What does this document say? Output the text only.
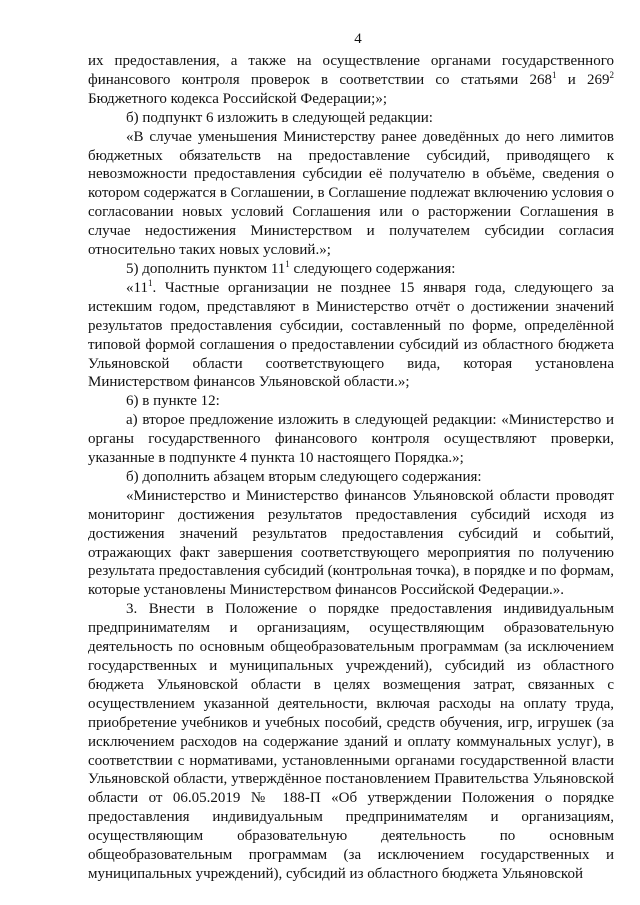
4

их предоставления, а также на осуществление органами государственного финансового контроля проверок в соответствии со статьями $268^1$ и $269^2$ Бюджетного кодекса Российской Федерации;»;

б) подпункт 6 изложить в следующей редакции:

«В случае уменьшения Министерству ранее доведённых до него лимитов бюджетных обязательств на предоставление субсидий, приводящего к невозможности предоставления субсидии её получателю в объёме, сведения о котором содержатся в Соглашении, в Соглашение подлежат включению условия о согласовании новых условий Соглашения или о расторжении Соглашения в случае недостижения Министерством и получателем субсидии согласия относительно таких новых условий.»;

5) дополнить пунктом $11^1$ следующего содержания:

«$11^1$. Частные организации не позднее 15 января года, следующего за истекшим годом, представляют в Министерство отчёт о достижении значений результатов предоставления субсидии, составленный по форме, определённой типовой формой соглашения о предоставлении субсидий из областного бюджета Ульяновской области соответствующего вида, которая установлена Министерством финансов Ульяновской области.»;

6) в пункте 12:

а) второе предложение изложить в следующей редакции: «Министерство и органы государственного финансового контроля осуществляют проверки, указанные в подпункте 4 пункта 10 настоящего Порядка.»;

б) дополнить абзацем вторым следующего содержания:

«Министерство и Министерство финансов Ульяновской области проводят мониторинг достижения результатов предоставления субсидий исходя из достижения значений результатов предоставления субсидий и событий, отражающих факт завершения соответствующего мероприятия по получению результата предоставления субсидий (контрольная точка), в порядке и по формам, которые установлены Министерством финансов Российской Федерации.».

3. Внести в Положение о порядке предоставления индивидуальным предпринимателям и организациям, осуществляющим образовательную деятельность по основным общеобразовательным программам (за исключением государственных и муниципальных учреждений), субсидий из областного бюджета Ульяновской области в целях возмещения затрат, связанных с осуществлением указанной деятельности, включая расходы на оплату труда, приобретение учебников и учебных пособий, средств обучения, игр, игрушек (за исключением расходов на содержание зданий и оплату коммунальных услуг), в соответствии с нормативами, установленными органами государственной власти Ульяновской области, утверждённое постановлением Правительства Ульяновской области от 06.05.2019 № 188-П «Об утверждении Положения о порядке предоставления индивидуальным предпринимателям и организациям, осуществляющим образовательную деятельность по основным общеобразовательным программам (за исключением государственных и муниципальных учреждений), субсидий из областного бюджета Ульяновской
